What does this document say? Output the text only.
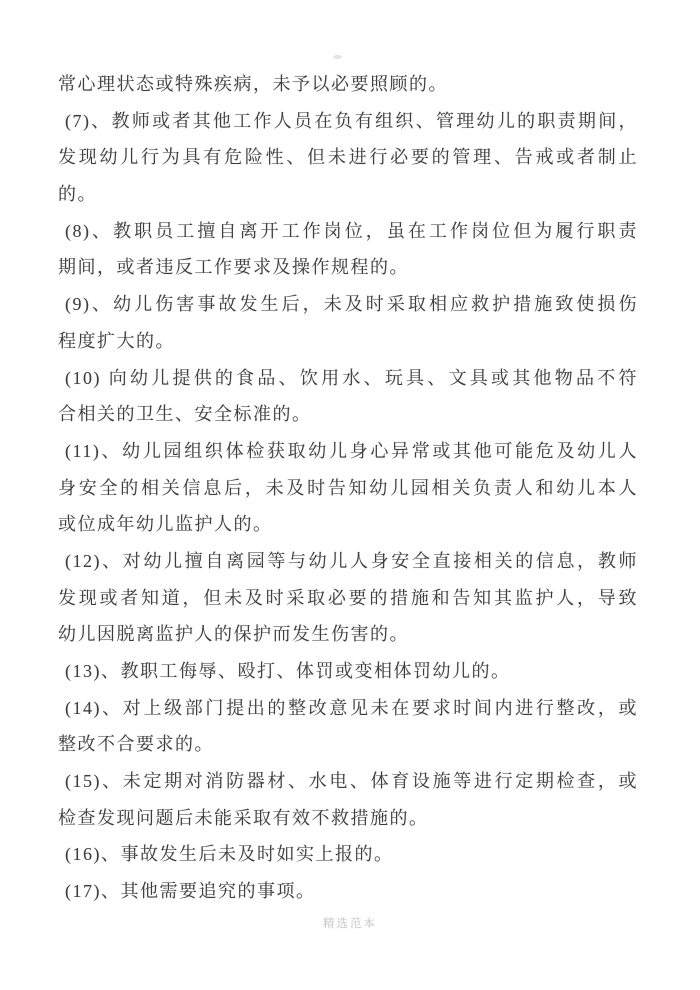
常心理状态或特殊疾病，未予以必要照顾的。
(7)、教师或者其他工作人员在负有组织、管理幼儿的职责期间，
发现幼儿行为具有危险性、但未进行必要的管理、告戒或者制止
的。
(8)、教职员工擅自离开工作岗位，虽在工作岗位但为履行职责
期间，或者违反工作要求及操作规程的。
(9)、幼儿伤害事故发生后，未及时采取相应救护措施致使损伤
程度扩大的。
(10) 向幼儿提供的食品、饮用水、玩具、文具或其他物品不符
合相关的卫生、安全标准的。
(11)、幼儿园组织体检获取幼儿身心异常或其他可能危及幼儿人
身安全的相关信息后，未及时告知幼儿园相关负责人和幼儿本人
或位成年幼儿监护人的。
(12)、对幼儿擅自离园等与幼儿人身安全直接相关的信息，教师
发现或者知道，但未及时采取必要的措施和告知其监护人，导致
幼儿因脱离监护人的保护而发生伤害的。
(13)、教职工侮辱、殴打、体罚或变相体罚幼儿的。
(14)、对上级部门提出的整改意见未在要求时间内进行整改，或
整改不合要求的。
(15)、未定期对消防器材、水电、体育设施等进行定期检查，或
检查发现问题后未能采取有效不救措施的。
(16)、事故发生后未及时如实上报的。
(17)、其他需要追究的事项。
精选范本
